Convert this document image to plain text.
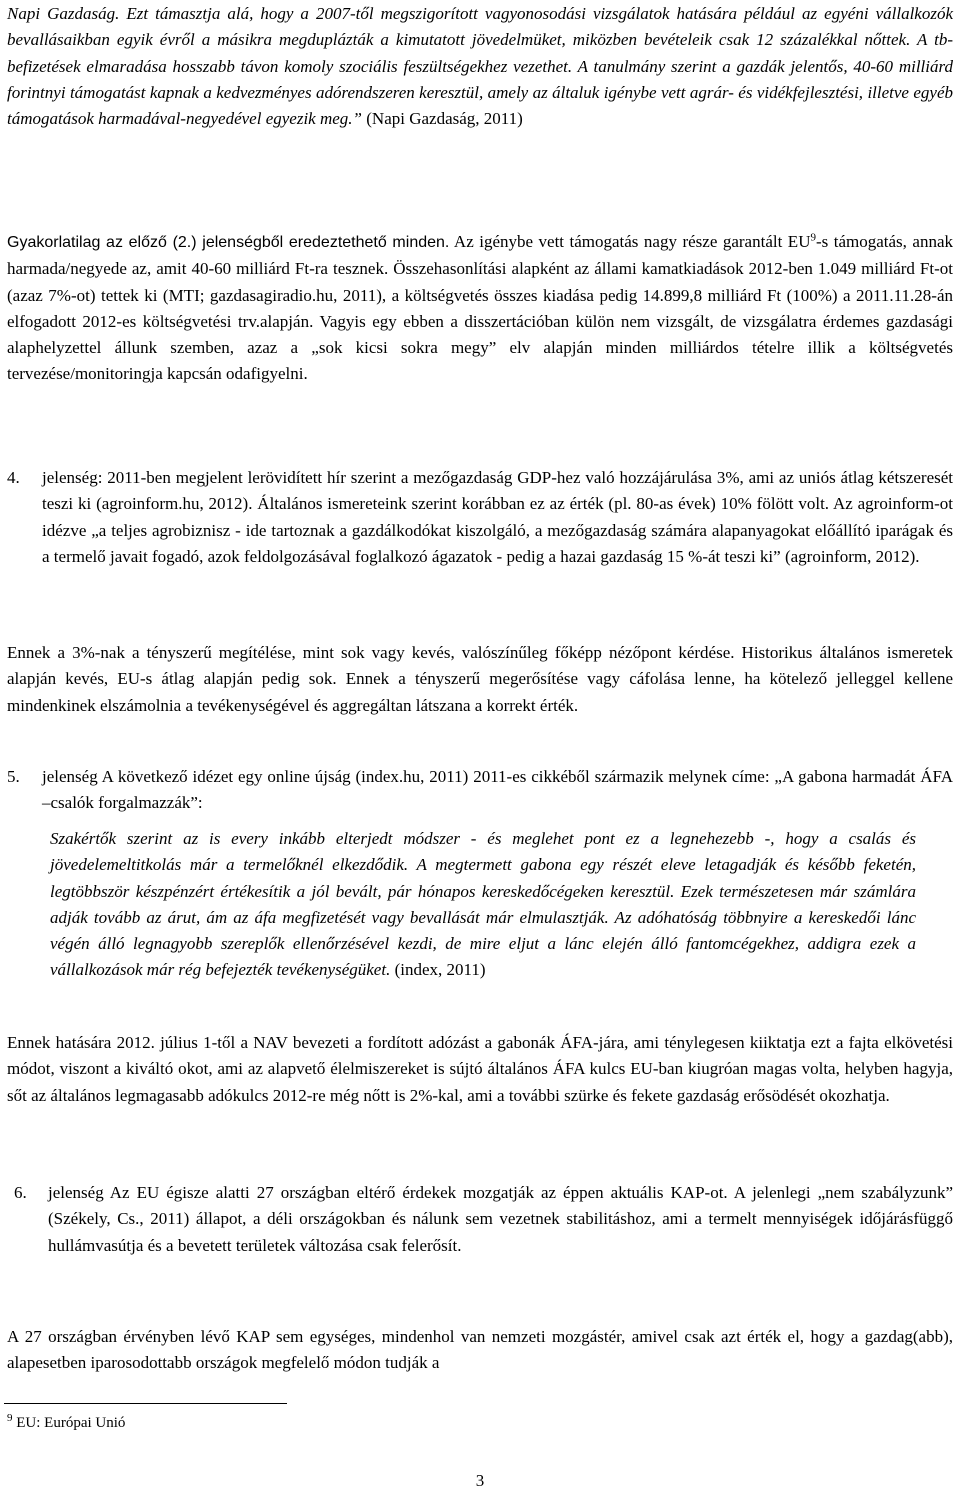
Napi Gazdaság. Ezt támasztja alá, hogy a 2007-től megszigorított vagyonosodási vizsgálatok hatására például az egyéni vállalkozók bevallásaikban egyik évről a másikra megduplázták a kimutatott jövedelmüket, miközben bevételeik csak 12 százalékkal nőttek. A tb-befizetések elmaradása hosszabb távon komoly szociális feszültségekhez vezethet. A tanulmány szerint a gazdák jelentős, 40-60 milliárd forintnyi támogatást kapnak a kedvezményes adórendszeren keresztül, amely az általuk igénybe vett agrár- és vidékfejlesztési, illetve egyéb támogatások harmadával-negyedével egyezik meg.” (Napi Gazdaság, 2011)

Gyakorlatilag az előző (2.) jelenségből eredeztethető minden. Az igénybe vett támogatás nagy része garantált $EU^9-s$ támogatás, annak harmada/negyede az, amit 40-60 milliárd Ft-ra tesznek. Összehasonlítási alapként az állami kamatkiadások 2012-ben 1.049 milliárd Ft-ot (azaz 7%-ot) tettek ki (MTI; gazdasagiradio.hu, 2011), a költségvetés összes kiadása pedig 14.899,8 milliárd Ft (100%) a 2011.11.28-án elfogadott 2012-es költségvetési trv.alapján. Vagyis egy ebben a disszertációban külön nem vizsgált, de vizsgálatra érdemes gazdasági alaphelyzettel állunk szemben, azaz a „sok kicsi sokra megy” elv alapján minden milliárdos tételre illik a költségvetés tervezése/monitoringja kapcsán odafigyelni.

4. jelenség: 2011-ben megjelent lerövidített hír szerint a mezőgazdaság GDP-hez való hozzájárulása 3%, ami az uniós átlag kétszeresét teszi ki (agroinform.hu, 2012). Általános ismereteink szerint korábban ez az érték (pl. 80-as évek) 10% fölött volt. Az agroinform-ot idézve „a teljes agrobiznisz - ide tartoznak a gazdálkodókat kiszolgáló, a mezőgazdaság számára alapanyagokat előállító iparágak és a termelő javait fogadó, azok feldolgozásával foglalkozó ágazatok - pedig a hazai gazdaság 15 %-át teszi ki” (agroinform, 2012).

Ennek a 3%-nak a tényszerű megítélése, mint sok vagy kevés, valószínűleg főképp nézőpont kérdése. Historikus általános ismeretek alapján kevés, EU-s átlag alapján pedig sok. Ennek a tényszerű megerősítése vagy cáfolása lenne, ha kötelező jelleggel kellene mindenkinek elszámolnia a tevékenységével és aggregáltan látszana a korrekt érték.

5. jelenség A következő idézet egy online újság (index.hu, 2011) 2011-es cikkéből származik melynek címe: „A gabona harmadát ÁFA –csalók forgalmazzák”:

Szakértők szerint az is every inkább elterjedt módszer - és meglehet pont ez a legnehezebb -, hogy a csalás és jövedelemeltitkolás már a termelőknél elkezdődik. A megtermett gabona egy részét eleve letagadják és később feketén, legtöbbször készpénzért értékesítik a jól bevált, pár hónapos kereskedőcégeken keresztül. Ezek természetesen már számlára adják tovább az árut, ám az áfa megfizetését vagy bevallását már elmulasztják. Az adóhatóság többnyire a kereskedői lánc végén álló legnagyobb szereplők ellenőrzésével kezdi, de mire eljut a lánc elején álló fantomcégekhez, addigra ezek a vállalkozások már rég befejezték tevékenységüket. (index, 2011)

Ennek hatására 2012. július 1-től a NAV bevezeti a fordított adózást a gabonák ÁFA-jára, ami ténylegesen kiiktatja ezt a fajta elkövetési módot, viszont a kiváltó okot, ami az alapvető élelmiszereket is sújtó általános ÁFA kulcs EU-ban kiugróan magas volta, helyben hagyja, sőt az általános legmagasabb adókulcs 2012-re még nőtt is 2%-kal, ami a további szürke és fekete gazdaság erősödését okozhatja.

6. jelenség Az EU égisze alatti 27 országban eltérő érdekek mozgatják az éppen aktuális KAP-ot. A jelenlegi „nem szabályzunk” (Székely, Cs., 2011) állapot, a déli országokban és nálunk sem vezetnek stabilitáshoz, ami a termelt mennyiségek időjárásfüggő hullámvasútja és a bevetett területek változása csak felerősít.

A 27 országban érvényben lévő KAP sem egységes, mindenhol van nemzeti mozgástér, amivel csak azt érték el, hogy a gazdag(abb), alapesetben iparosodottabb országok megfelelő módon tudják a

$^9$ EU: Európai Unió

3
